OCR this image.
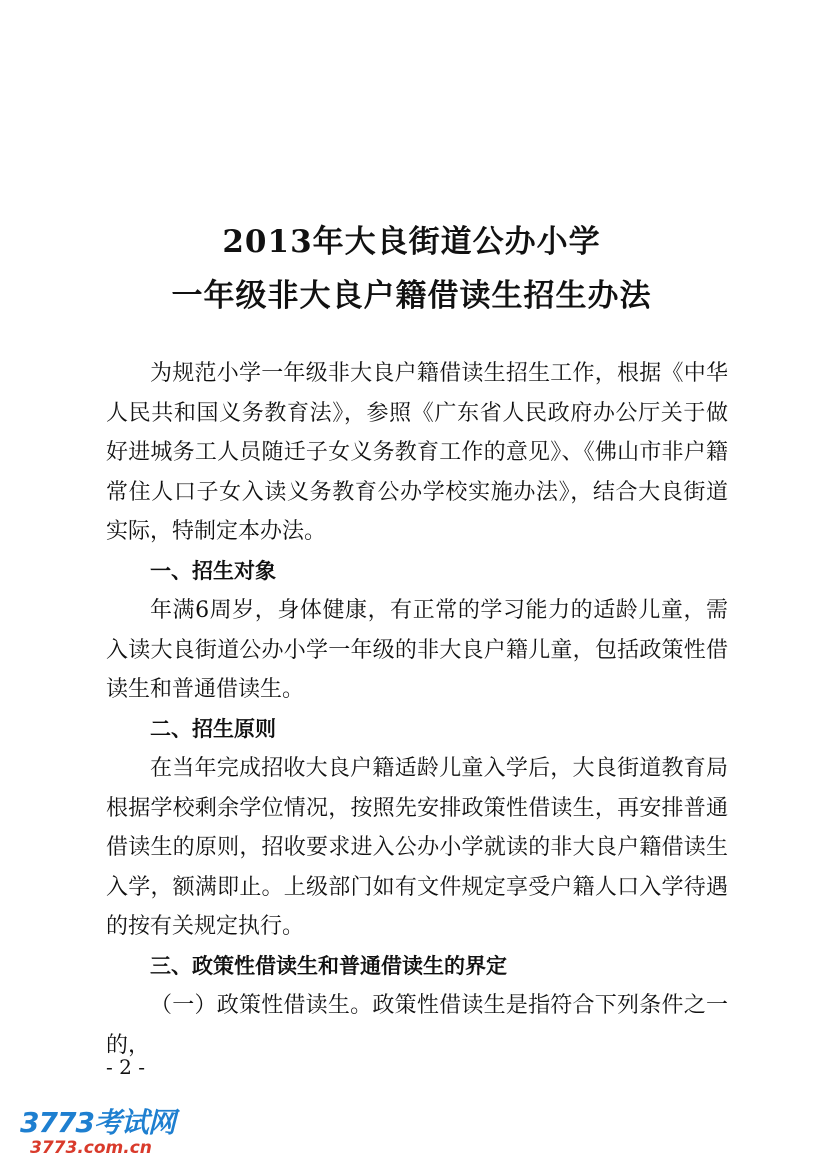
2013年大良街道公办小学
一年级非大良户籍借读生招生办法

为规范小学一年级非大良户籍借读生招生工作，根据《中华人民共和国义务教育法》，参照《广东省人民政府办公厅关于做好进城务工人员随迁子女义务教育工作的意见》、《佛山市非户籍常住人口子女入读义务教育公办学校实施办法》，结合大良街道实际，特制定本办法。

一、招生对象

年满6周岁，身体健康，有正常的学习能力的适龄儿童，需入读大良街道公办小学一年级的非大良户籍儿童，包括政策性借读生和普通借读生。

二、招生原则

在当年完成招收大良户籍适龄儿童入学后，大良街道教育局根据学校剩余学位情况，按照先安排政策性借读生，再安排普通借读生的原则，招收要求进入公办小学就读的非大良户籍借读生入学，额满即止。上级部门如有文件规定享受户籍人口入学待遇的按有关规定执行。

三、政策性借读生和普通借读生的界定

（一）政策性借读生。政策性借读生是指符合下列条件之一的，

- 2 -
3773考试网
3773.com.cn
